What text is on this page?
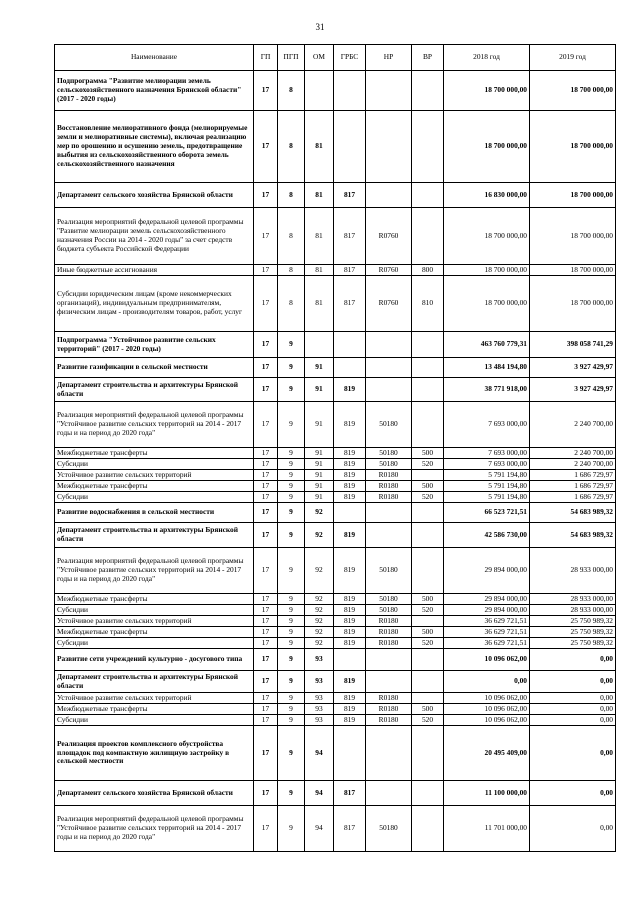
31
Наименование	ГП	ПГП	ОМ	ГРБС	НР	ВР	2018 год	2019 год
Подпрограмма "Развитие мелиорации земель сельскохозяйственного назначения Брянской области" (2017 - 2020 годы)	17	8					18 700 000,00	18 700 000,00
Восстановление мелиоративного фонда (мелиорируемые земли и мелиоративные системы), включая реализацию мер по орошению и осушению земель, предотвращение выбытия из сельскохозяйственного оборота земель сельскохозяйственного назначения	17	8	81				18 700 000,00	18 700 000,00
Департамент сельского хозяйства Брянской области	17	8	81	817			16 830 000,00	18 700 000,00
Реализация мероприятий федеральной целевой программы "Развитие мелиорации земель сельскохозяйственного назначения России на 2014 - 2020 годы" за счет средств бюджета субъекта Российской Федерации	17	8	81	817	R0760		18 700 000,00	18 700 000,00
Иные бюджетные ассигнования	17	8	81	817	R0760	800	18 700 000,00	18 700 000,00
Субсидии юридическим лицам (кроме некоммерческих организаций), индивидуальным предпринимателям, физическим лицам - производителям товаров, работ, услуг	17	8	81	817	R0760	810	18 700 000,00	18 700 000,00
Подпрограмма "Устойчивое развитие сельских территорий" (2017 - 2020 годы)	17	9					463 760 779,31	398 058 741,29
Развитие газификации в сельской местности	17	9	91				13 484 194,80	3 927 429,97
Департамент строительства и архитектуры Брянской области	17	9	91	819			38 771 918,00	3 927 429,97
Реализация мероприятий федеральной целевой программы "Устойчивое развитие сельских территорий на 2014 - 2017 годы и на период до 2020 года"	17	9	91	819	50180		7 693 000,00	2 240 700,00
Межбюджетные трансферты	17	9	91	819	50180	500	7 693 000,00	2 240 700,00
Субсидии	17	9	91	819	50180	520	7 693 000,00	2 240 700,00
Устойчивое развитие сельских территорий	17	9	91	819	R0180		5 791 194,80	1 686 729,97
Межбюджетные трансферты	17	9	91	819	R0180	500	5 791 194,80	1 686 729,97
Субсидии	17	9	91	819	R0180	520	5 791 194,80	1 686 729,97
Развитие водоснабжения в сельской местности	17	9	92				66 523 721,51	54 683 989,32
Департамент строительства и архитектуры Брянской области	17	9	92	819			42 586 730,00	54 683 989,32
Реализация мероприятий федеральной целевой программы "Устойчивое развитие сельских территорий на 2014 - 2017 годы и на период до 2020 года"	17	9	92	819	50180		29 894 000,00	28 933 000,00
Межбюджетные трансферты	17	9	92	819	50180	500	29 894 000,00	28 933 000,00
Субсидии	17	9	92	819	50180	520	29 894 000,00	28 933 000,00
Устойчивое развитие сельских территорий	17	9	92	819	R0180		36 629 721,51	25 750 989,32
Межбюджетные трансферты	17	9	92	819	R0180	500	36 629 721,51	25 750 989,32
Субсидии	17	9	92	819	R0180	520	36 629 721,51	25 750 989,32
Развитие сети учреждений культурно - досугового типа	17	9	93				10 096 062,00	0,00
Департамент строительства и архитектуры Брянской области	17	9	93	819			0,00	0,00
Устойчивое развитие сельских территорий	17	9	93	819	R0180		10 096 062,00	0,00
Межбюджетные трансферты	17	9	93	819	R0180	500	10 096 062,00	0,00
Субсидии	17	9	93	819	R0180	520	10 096 062,00	0,00
Реализация проектов комплексного обустройства площадок под компактную жилищную застройку в сельской местности	17	9	94				20 495 409,00	0,00
Департамент сельского хозяйства Брянской области	17	9	94	817			11 100 000,00	0,00
Реализация мероприятий федеральной целевой программы "Устойчивое развитие сельских территорий на 2014 - 2017 годы и на период до 2020 года"	17	9	94	817	50180		11 701 000,00	0,00
